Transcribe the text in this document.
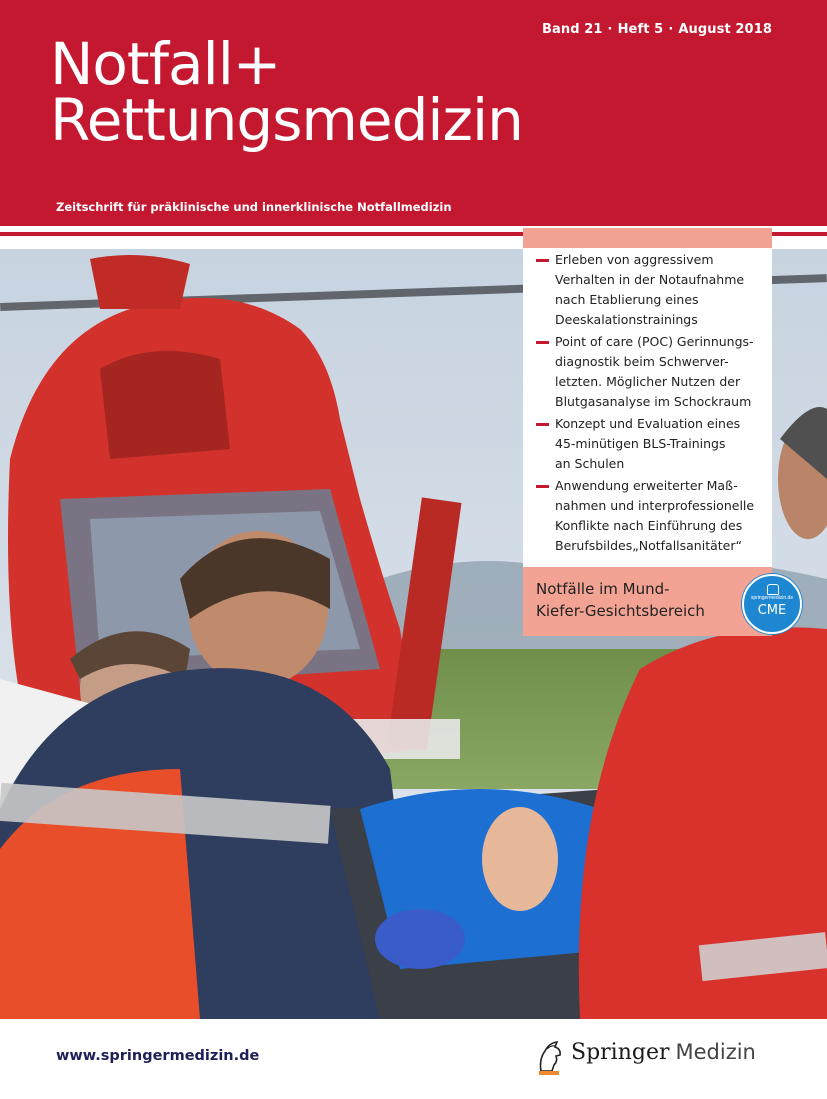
Band 21 · Heft 5 · August 2018
Notfall+
Rettungsmedizin
Zeitschrift für präklinische und innerklinische Notfallmedizin
Erleben von aggressivem
Verhalten in der Notaufnahme
nach Etablierung eines
Deeskalationstrainings
Point of care (POC) Gerinnungs-
diagnostik beim Schwerver-
letzten. Möglicher Nutzen der
Blutgasanalyse im Schockraum
Konzept und Evaluation eines
45-minütigen BLS-Trainings
an Schulen
Anwendung erweiterter Maß-
nahmen und interprofessionelle
Konflikte nach Einführung des
Berufsbildes„Notfallsanitäter“
Notfälle im Mund-
Kiefer-Gesichtsbereich
springermedizin.de
CME
www.springermedizin.de	Springer Medizin
